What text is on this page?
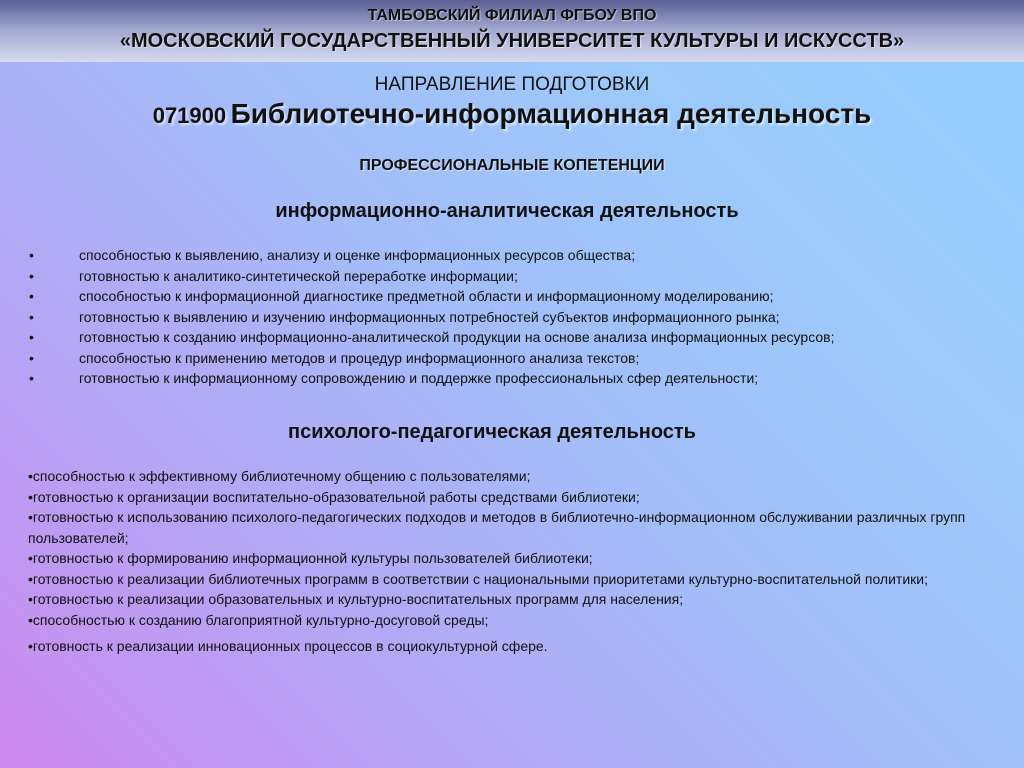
ТАМБОВСКИЙ ФИЛИАЛ ФГБОУ ВПО
«МОСКОВСКИЙ ГОСУДАРСТВЕННЫЙ УНИВЕРСИТЕТ КУЛЬТУРЫ И ИСКУССТВ»
НАПРАВЛЕНИЕ ПОДГОТОВКИ
071900 Библиотечно-информационная деятельность
ПРОФЕССИОНАЛЬНЫЕ КОПЕТЕНЦИИ
информационно-аналитическая деятельность
•	способностью к выявлению, анализу и оценке информационных ресурсов общества;
•	готовностью к аналитико-синтетической переработке информации;
•	способностью к информационной диагностике предметной области и информационному моделированию;
•	готовностью к выявлению и изучению информационных потребностей субъектов информационного рынка;
•	готовностью к созданию информационно-аналитической продукции на основе анализа информационных ресурсов;
•	способностью к применению методов и процедур информационного анализа текстов;
•	готовностью к информационному сопровождению и поддержке профессиональных сфер деятельности;
психолого-педагогическая деятельность
•способностью к эффективному библиотечному общению с пользователями;
•готовностью к организации воспитательно-образовательной работы средствами библиотеки;
•готовностью к использованию психолого-педагогических подходов и методов в библиотечно-информационном обслуживании различных групп пользователей;
•готовностью к формированию информационной культуры пользователей библиотеки;
•готовностью к реализации библиотечных программ в соответствии с национальными приоритетами культурно-воспитательной политики;
•готовностью к реализации образовательных и культурно-воспитательных программ для населения;
•способностью к созданию благоприятной культурно-досуговой среды;
•готовность к реализации инновационных процессов в социокультурной сфере.
